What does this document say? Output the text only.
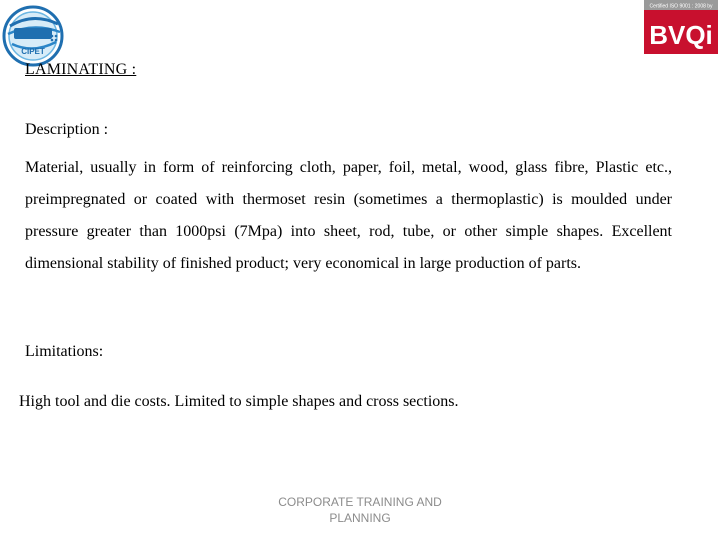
CIPET
Certified ISO 9001 : 2008 by
BVQi
LAMINATING :
Description :
Material, usually in form of reinforcing cloth, paper, foil, metal, wood, glass fibre, Plastic etc., preimpregnated or coated with thermoset resin (sometimes a thermoplastic) is moulded under pressure greater than 1000psi (7Mpa) into sheet, rod, tube, or other simple shapes. Excellent dimensional stability of finished product; very economical in large production of parts.
Limitations:
High tool and die costs. Limited to simple shapes and cross sections.
CORPORATE TRAINING AND
PLANNING
